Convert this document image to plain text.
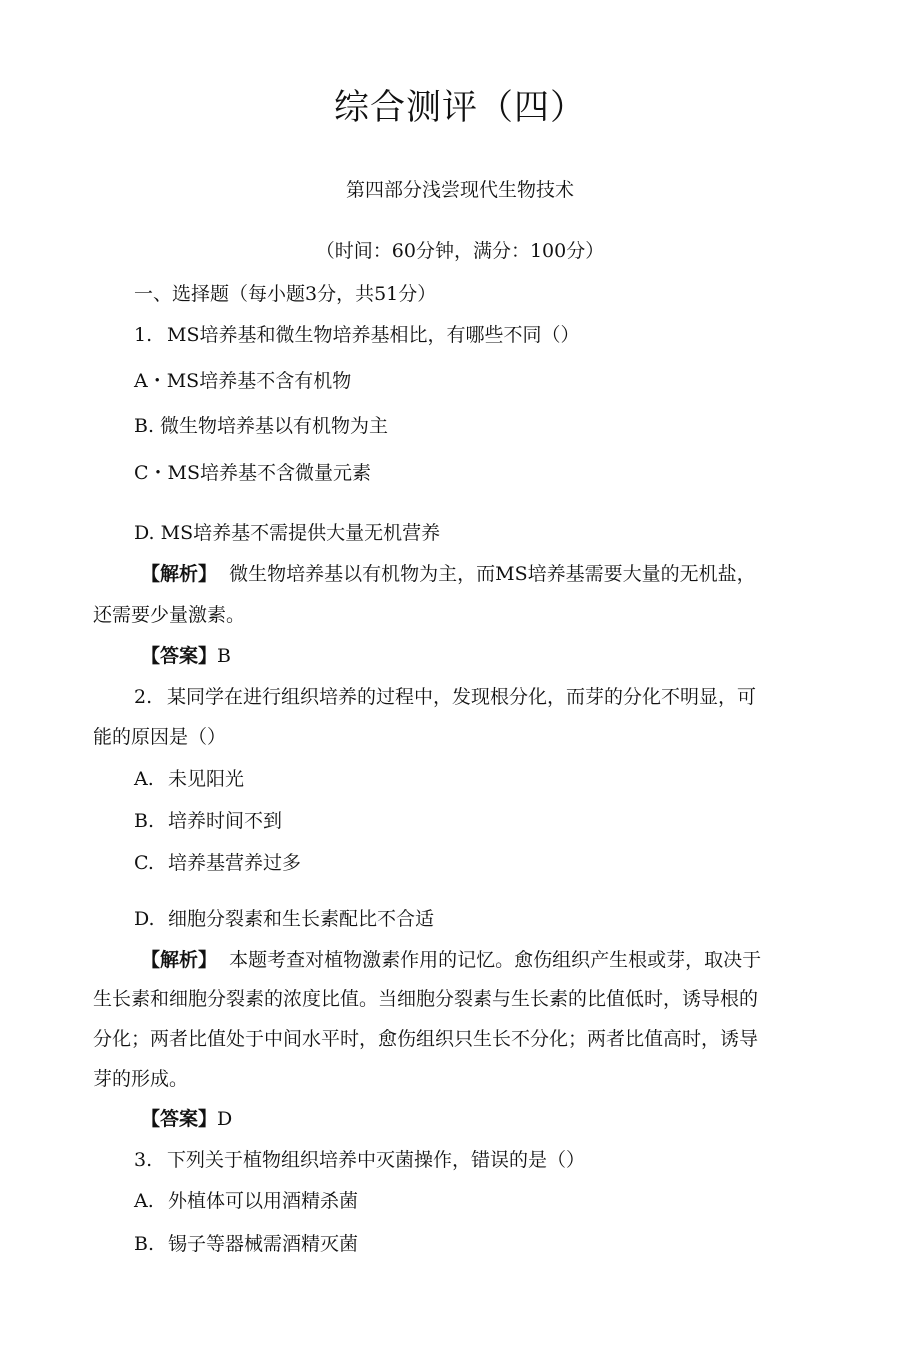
综合测评（四）
第四部分浅尝现代生物技术
（时间：60分钟，满分：100分）
一、选择题（每小题3分，共51分）
1. MS培养基和微生物培养基相比，有哪些不同（）
A・MS培养基不含有机物
B. 微生物培养基以有机物为主
C・MS培养基不含微量元素
D. MS培养基不需提供大量无机营养
【解析】 微生物培养基以有机物为主，而MS培养基需要大量的无机盐，
还需要少量激素。
【答案】B
2. 某同学在进行组织培养的过程中，发现根分化，而芽的分化不明显，可
能的原因是（）
A. 未见阳光
B. 培养时间不到
C. 培养基营养过多
D. 细胞分裂素和生长素配比不合适
【解析】 本题考查对植物激素作用的记忆。愈伤组织产生根或芽，取决于
生长素和细胞分裂素的浓度比值。当细胞分裂素与生长素的比值低时，诱导根的
分化；两者比值处于中间水平时，愈伤组织只生长不分化；两者比值高时，诱导
芽的形成。
【答案】D
3. 下列关于植物组织培养中灭菌操作，错误的是（）
A. 外植体可以用酒精杀菌
B. 锡子等器械需酒精灭菌
